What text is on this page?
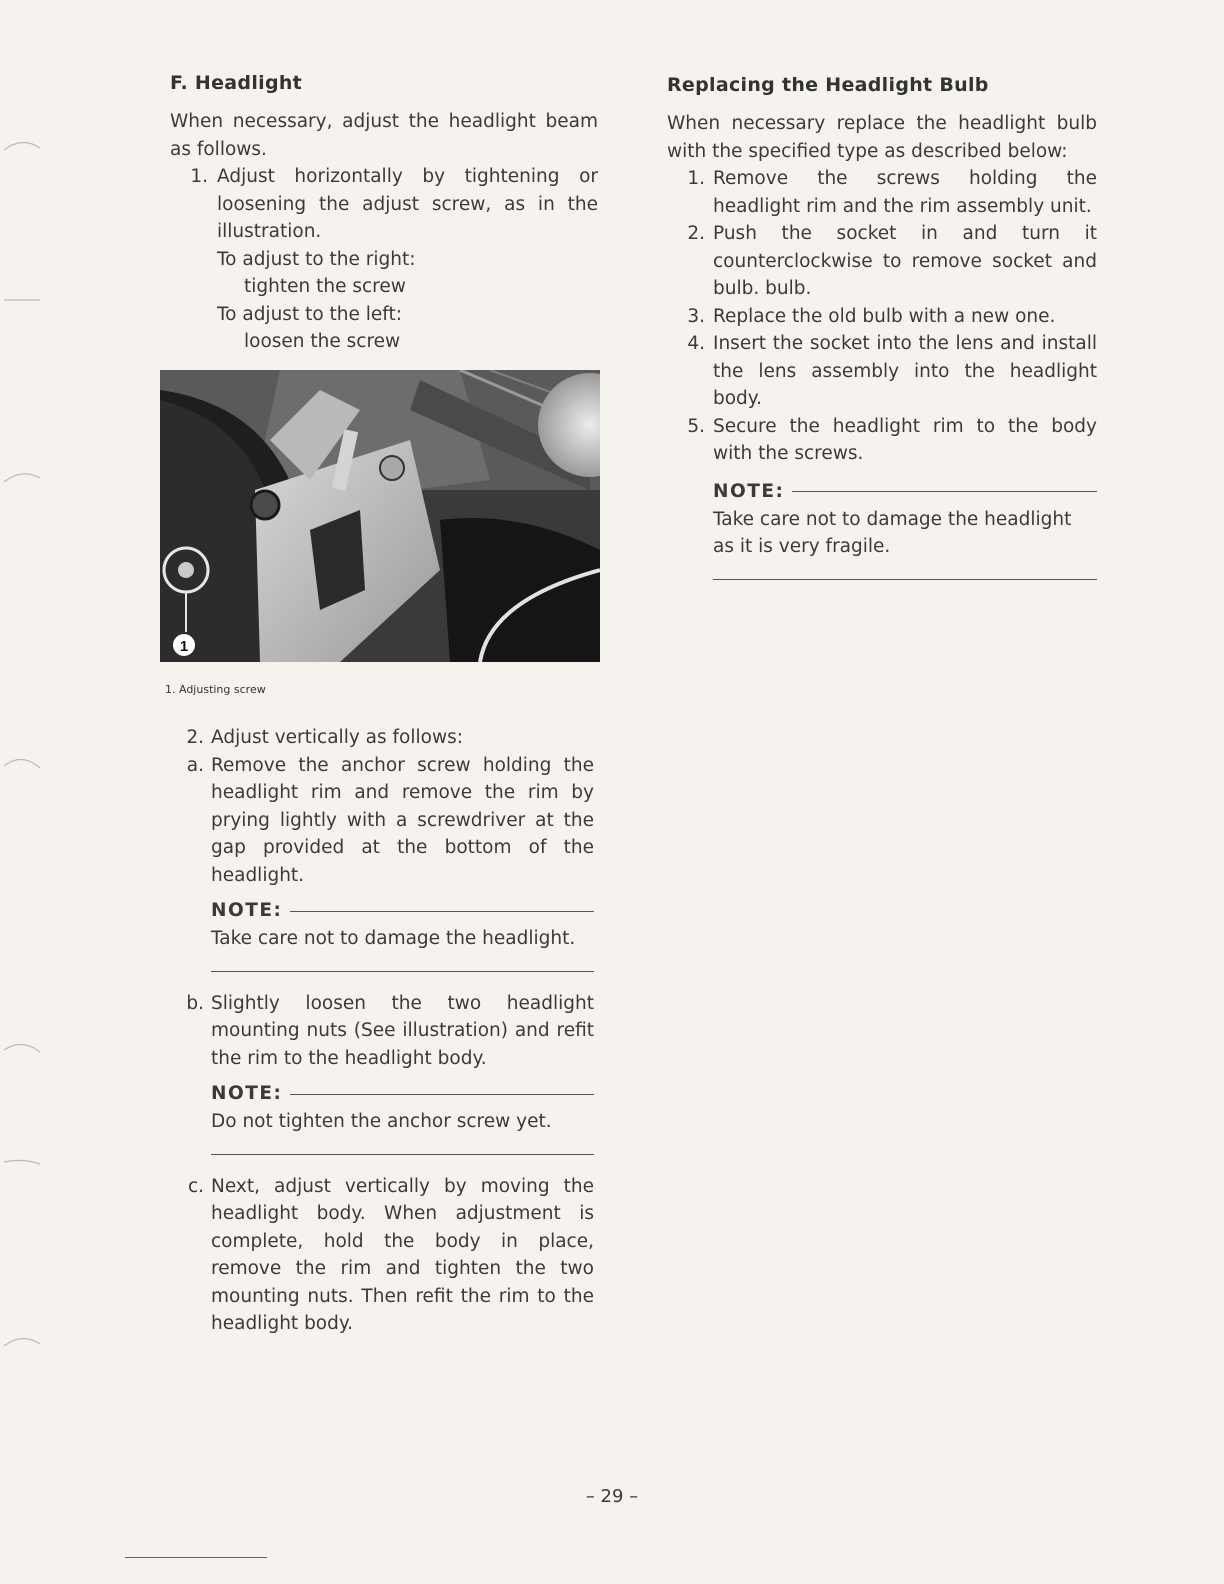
F. Headlight

When necessary, adjust the headlight beam as follows.

1. Adjust horizontally by tightening or loosening the adjust screw, as in the illustration.
To adjust to the right:
tighten the screw
To adjust to the left:
loosen the screw
1
1. Adjusting screw
2. Adjust vertically as follows:
a. Remove the anchor screw holding the headlight rim and remove the rim by prying lightly with a screwdriver at the gap provided at the bottom of the headlight.
NOTE:
Take care not to damage the headlight.
b. Slightly loosen the two headlight mounting nuts (See illustration) and refit the rim to the headlight body.
NOTE:
Do not tighten the anchor screw yet.
c. Next, adjust vertically by moving the headlight body. When adjustment is complete, hold the body in place, remove the rim and tighten the two mounting nuts. Then refit the rim to the headlight body.
Replacing the Headlight Bulb

When necessary replace the headlight bulb with the specified type as described below:

1. Remove the screws holding the headlight rim and the rim assembly unit.
2. Push the socket in and turn it counterclockwise to remove socket and bulb. bulb.
3. Replace the old bulb with a new one.
4. Insert the socket into the lens and install the lens assembly into the headlight body.
5. Secure the headlight rim to the body with the screws.
NOTE:
Take care not to damage the headlight as it is very fragile.
– 29 –
